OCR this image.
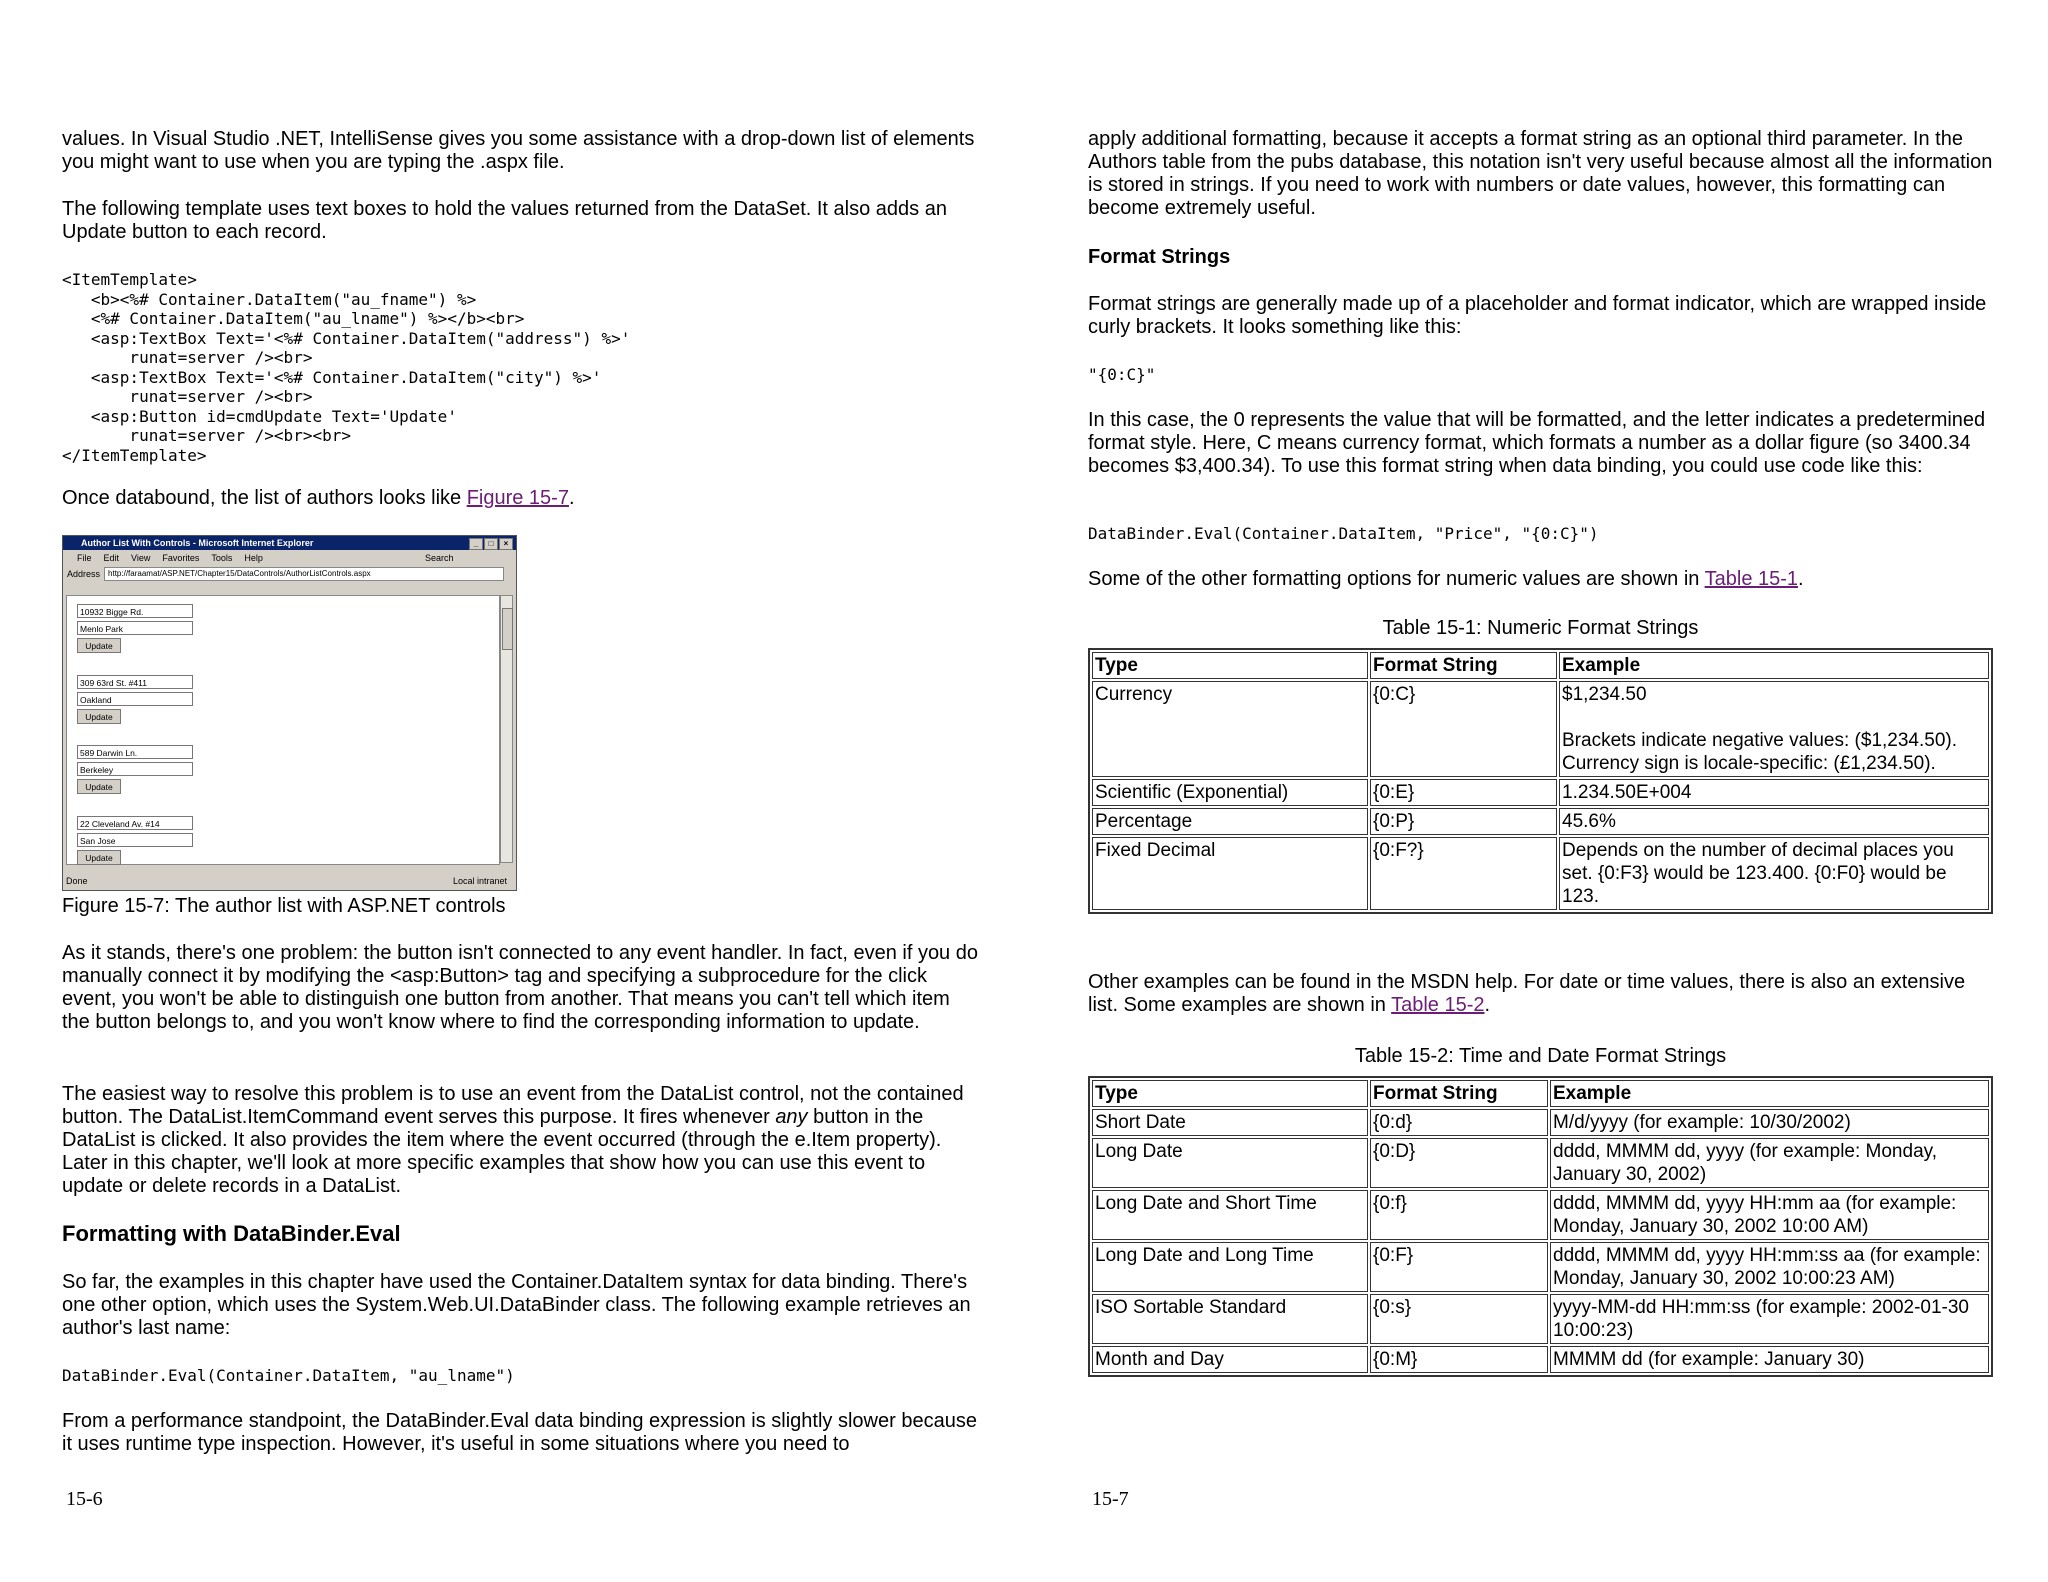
values. In Visual Studio .NET, IntelliSense gives you some assistance with a drop-down list of elements you might want to use when you are typing the .aspx file.

The following template uses text boxes to hold the values returned from the DataSet. It also adds an Update button to each record.

<ItemTemplate>
<b><%# Container.DataItem("au_fname") %>
<%# Container.DataItem("au_lname") %></b><br>
<asp:TextBox Text='<%# Container.DataItem("address") %>'
runat=server /><br>
<asp:TextBox Text='<%# Container.DataItem("city") %>'
runat=server /><br>
<asp:Button id=cmdUpdate Text='Update'
runat=server /><br><br>
</ItemTemplate>

Once databound, the list of authors looks like Figure 15-7.

Author List With Controls - Microsoft Internet Explorer	_	□	×
File Edit View Favorites Tools Help	Search
Address	http://faraamat/ASP.NET/Chapter15/DataControls/AuthorListControls.aspx
10932 Bigge Rd.
Menlo Park
Update
309 63rd St. #411
Oakland
Update
589 Darwin Ln.
Berkeley
Update
22 Cleveland Av. #14
San Jose
Update
Done	Local intranet

Figure 15-7: The author list with ASP.NET controls

As it stands, there's one problem: the button isn't connected to any event handler. In fact, even if you do manually connect it by modifying the <asp:Button> tag and specifying a subprocedure for the click event, you won't be able to distinguish one button from another. That means you can't tell which item the button belongs to, and you won't know where to find the corresponding information to update.

The easiest way to resolve this problem is to use an event from the DataList control, not the contained button. The DataList.ItemCommand event serves this purpose. It fires whenever any button in the DataList is clicked. It also provides the item where the event occurred (through the e.Item property). Later in this chapter, we'll look at more specific examples that show how you can use this event to update or delete records in a DataList.

Formatting with DataBinder.Eval

So far, the examples in this chapter have used the Container.DataItem syntax for data binding. There's one other option, which uses the System.Web.UI.DataBinder class. The following example retrieves an author's last name:

DataBinder.Eval(Container.DataItem, "au_lname")

From a performance standpoint, the DataBinder.Eval data binding expression is slightly slower because it uses runtime type inspection. However, it's useful in some situations where you need to

15-6

apply additional formatting, because it accepts a format string as an optional third parameter. In the Authors table from the pubs database, this notation isn't very useful because almost all the information is stored in strings. If you need to work with numbers or date values, however, this formatting can become extremely useful.

Format Strings

Format strings are generally made up of a placeholder and format indicator, which are wrapped inside curly brackets. It looks something like this:

"{0:C}"

In this case, the 0 represents the value that will be formatted, and the letter indicates a predetermined format style. Here, C means currency format, which formats a number as a dollar figure (so 3400.34 becomes $3,400.34). To use this format string when data binding, you could use code like this:

DataBinder.Eval(Container.DataItem, "Price", "{0:C}")

Some of the other formatting options for numeric values are shown in Table 15-1.

Table 15-1: Numeric Format Strings
Type	Format String	Example
Currency	{0:C}	$1,234.50

Brackets indicate negative values: ($1,234.50). Currency sign is locale-specific: (£1,234.50).
Scientific (Exponential)	{0:E}	1.234.50E+004
Percentage	{0:P}	45.6%
Fixed Decimal	{0:F?}	Depends on the number of decimal places you set. {0:F3} would be 123.400. {0:F0} would be 123.

Other examples can be found in the MSDN help. For date or time values, there is also an extensive list. Some examples are shown in Table 15-2.

Table 15-2: Time and Date Format Strings
Type	Format String	Example
Short Date	{0:d}	M/d/yyyy (for example: 10/30/2002)
Long Date	{0:D}	dddd, MMMM dd, yyyy (for example: Monday, January 30, 2002)
Long Date and Short Time	{0:f}	dddd, MMMM dd, yyyy HH:mm aa (for example: Monday, January 30, 2002 10:00 AM)
Long Date and Long Time	{0:F}	dddd, MMMM dd, yyyy HH:mm:ss aa (for example: Monday, January 30, 2002 10:00:23 AM)
ISO Sortable Standard	{0:s}	yyyy-MM-dd HH:mm:ss (for example: 2002-01-30 10:00:23)
Month and Day	{0:M}	MMMM dd (for example: January 30)
15-7
